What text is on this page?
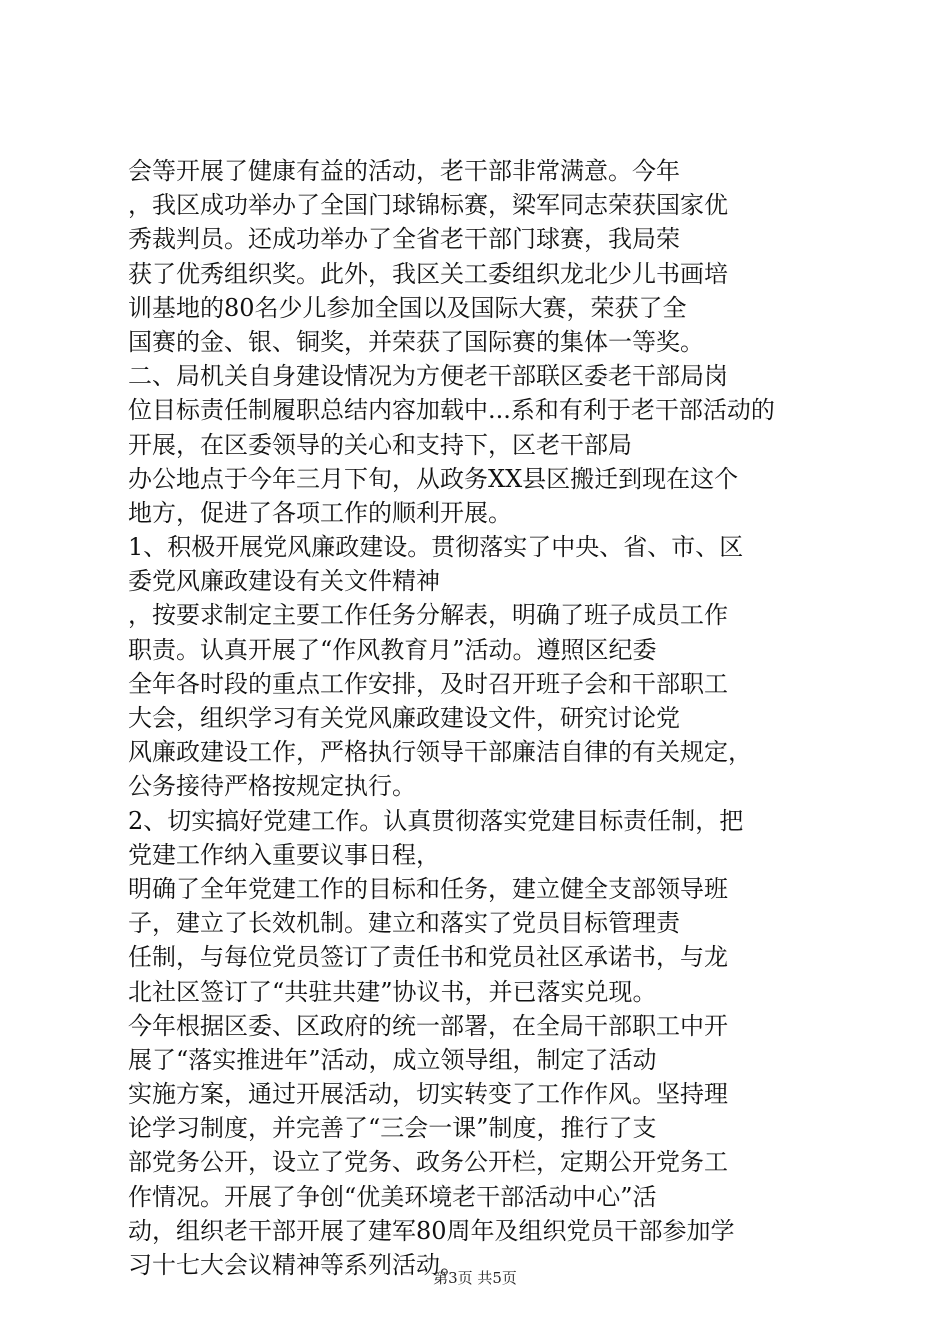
会等开展了健康有益的活动，老干部非常满意。今年
，我区成功举办了全国门球锦标赛，梁军同志荣获国家优
秀裁判员。还成功举办了全省老干部门球赛，我局荣
获了优秀组织奖。此外，我区关工委组织龙北少儿书画培
训基地的80名少儿参加全国以及国际大赛，荣获了全
国赛的金、银、铜奖，并荣获了国际赛的集体一等奖。
二、局机关自身建设情况为方便老干部联区委老干部局岗
位目标责任制履职总结内容加载中...系和有利于老干部活动的
开展，在区委领导的关心和支持下，区老干部局
办公地点于今年三月下旬，从政务XX县区搬迁到现在这个
地方，促进了各项工作的顺利开展。
1、积极开展党风廉政建设。贯彻落实了中央、省、市、区
委党风廉政建设有关文件精神
，按要求制定主要工作任务分解表，明确了班子成员工作
职责。认真开展了“作风教育月”活动。遵照区纪委
全年各时段的重点工作安排，及时召开班子会和干部职工
大会，组织学习有关党风廉政建设文件，研究讨论党
风廉政建设工作，严格执行领导干部廉洁自律的有关规定，
公务接待严格按规定执行。
2、切实搞好党建工作。认真贯彻落实党建目标责任制，把
党建工作纳入重要议事日程，
明确了全年党建工作的目标和任务，建立健全支部领导班
子，建立了长效机制。建立和落实了党员目标管理责
任制，与每位党员签订了责任书和党员社区承诺书，与龙
北社区签订了“共驻共建”协议书，并已落实兑现。
今年根据区委、区政府的统一部署，在全局干部职工中开
展了“落实推进年”活动，成立领导组，制定了活动
实施方案，通过开展活动，切实转变了工作作风。坚持理
论学习制度，并完善了“三会一课”制度，推行了支
部党务公开，设立了党务、政务公开栏，定期公开党务工
作情况。开展了争创“优美环境老干部活动中心”活
动，组织老干部开展了建军80周年及组织党员干部参加学
习十七大会议精神等系列活动。
第3页 共5页
